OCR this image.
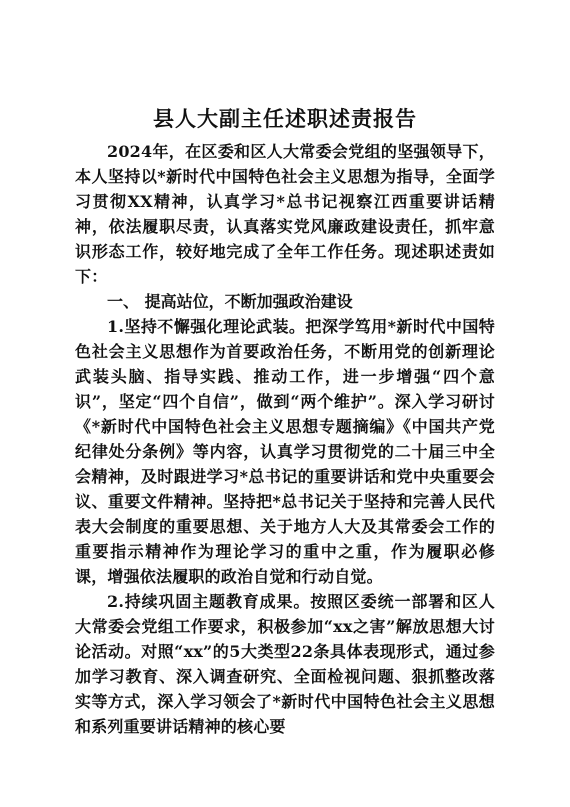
县人大副主任述职述责报告

2024年，在区委和区人大常委会党组的坚强领导下，本人坚持以*新时代中国特色社会主义思想为指导，全面学习贯彻XX精神，认真学习*总书记视察江西重要讲话精神，依法履职尽责，认真落实党风廉政建设责任，抓牢意识形态工作，较好地完成了全年工作任务。现述职述责如下：

一、 提高站位，不断加强政治建设

1.坚持不懈强化理论武装。把深学笃用*新时代中国特色社会主义思想作为首要政治任务，不断用党的创新理论武装头脑、指导实践、推动工作，进一步增强“四个意识”，坚定“四个自信”，做到“两个维护”。深入学习研讨《*新时代中国特色社会主义思想专题摘编》《中国共产党纪律处分条例》等内容，认真学习贯彻党的二十届三中全会精神，及时跟进学习*总书记的重要讲话和党中央重要会议、重要文件精神。坚持把*总书记关于坚持和完善人民代表大会制度的重要思想、关于地方人大及其常委会工作的重要指示精神作为理论学习的重中之重，作为履职必修课，增强依法履职的政治自觉和行动自觉。

2.持续巩固主题教育成果。按照区委统一部署和区人大常委会党组工作要求，积极参加“xx之害”解放思想大讨论活动。对照“xx”的5大类型22条具体表现形式，通过参加学习教育、深入调查研究、全面检视问题、狠抓整改落实等方式，深入学习领会了*新时代中国特色社会主义思想和系列重要讲话精神的核心要
